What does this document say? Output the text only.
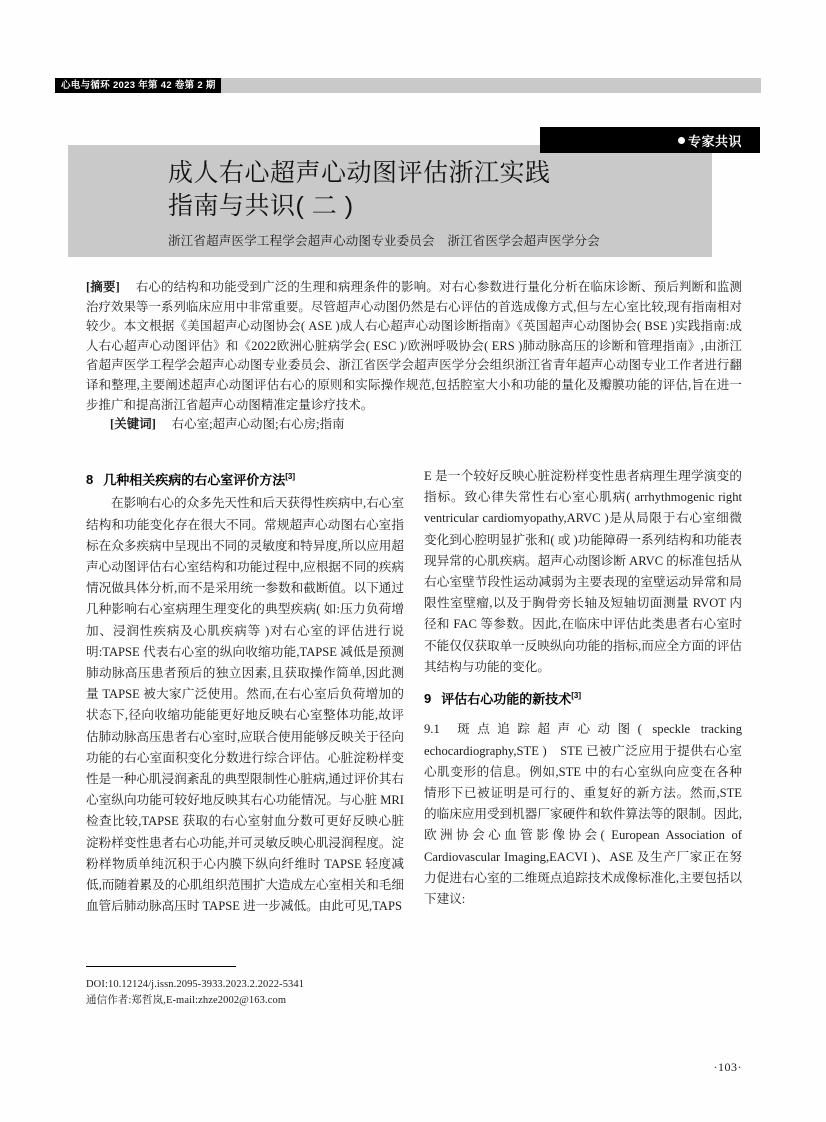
心电与循环 2023 年第 42 卷第 2 期
成人右心超声心动图评估浙江实践
指南与共识( 二 )
浙江省超声医学工程学会超声心动图专业委员会　浙江省医学会超声医学分会
专家共识

[摘要] 　 右心的结构和功能受到广泛的生理和病理条件的影响。对右心参数进行量化分析在临床诊断、预后判断和监测治疗效果等一系列临床应用中非常重要。尽管超声心动图仍然是右心评估的首选成像方式,但与左心室比较,现有指南相对较少。本文根据《美国超声心动图协会( ASE )成人右心超声心动图诊断指南》《英国超声心动图协会( BSE )实践指南:成人右心超声心动图评估》和《2022欧洲心脏病学会( ESC )/欧洲呼吸协会( ERS )肺动脉高压的诊断和管理指南》,由浙江省超声医学工程学会超声心动图专业委员会、浙江省医学会超声医学分会组织浙江省青年超声心动图专业工作者进行翻译和整理,主要阐述超声心动图评估右心的原则和实际操作规范,包括腔室大小和功能的量化及瓣膜功能的评估,旨在进一步推广和提高浙江省超声心动图精准定量诊疗技术。

[关键词] 　 右心室;超声心动图;右心房;指南

8 几种相关疾病的右心室评价方法[3]

在影响右心的众多先天性和后天获得性疾病中,右心室结构和功能变化存在很大不同。常规超声心动图右心室指标在众多疾病中呈现出不同的灵敏度和特异度,所以应用超声心动图评估右心室结构和功能过程中,应根据不同的疾病情况做具体分析,而不是采用统一参数和截断值。以下通过几种影响右心室病理生理变化的典型疾病( 如:压力负荷增加、浸润性疾病及心肌疾病等 )对右心室的评估进行说明:TAPSE 代表右心室的纵向收缩功能,TAPSE 减低是预测肺动脉高压患者预后的独立因素,且获取操作简单,因此测量 TAPSE 被大家广泛使用。然而,在右心室后负荷增加的状态下,径向收缩功能能更好地反映右心室整体功能,故评估肺动脉高压患者右心室时,应联合使用能够反映关于径向功能的右心室面积变化分数进行综合评估。心脏淀粉样变性是一种心肌浸润紊乱的典型限制性心脏病,通过评价其右心室纵向功能可较好地反映其右心功能情况。与心脏 MRI 检查比较,TAPSE 获取的右心室射血分数可更好反映心脏淀粉样变性患者右心功能,并可灵敏反映心肌浸润程度。淀粉样物质单纯沉积于心内膜下纵向纤维时 TAPSE 轻度减低,而随着累及的心肌组织范围扩大造成左心室相关和毛细血管后肺动脉高压时 TAPSE 进一步减低。由此可见,TAPS

E 是一个较好反映心脏淀粉样变性患者病理生理学演变的指标。致心律失常性右心室心肌病( arrhythmogenic right ventricular cardiomyopathy,ARVC )是从局限于右心室细微变化到心腔明显扩张和( 或 )功能障碍一系列结构和功能表现异常的心肌疾病。超声心动图诊断 ARVC 的标准包括从右心室壁节段性运动减弱为主要表现的室壁运动异常和局限性室壁瘤,以及于胸骨旁长轴及短轴切面测量 RVOT 内径和 FAC 等参数。因此,在临床中评估此类患者右心室时不能仅仅获取单一反映纵向功能的指标,而应全方面的评估其结构与功能的变化。

9 评估右心功能的新技术[3]

9.1 斑点追踪超声心动图( speckle tracking echocardiography,STE )　 STE 已被广泛应用于提供右心室心肌变形的信息。例如,STE 中的右心室纵向应变在各种情形下已被证明是可行的、重复好的新方法。然而,STE 的临床应用受到机器厂家硬件和软件算法等的限制。因此,欧洲协会心血管影像协会( European Association of Cardiovascular Imaging,EACVI )、ASE 及生产厂家正在努力促进右心室的二维斑点追踪技术成像标准化,主要包括以下建议:

DOI:10.12124/j.issn.2095-3933.2023.2.2022-5341
通信作者:郑哲岚,E-mail:zhze2002@163.com
·103·
